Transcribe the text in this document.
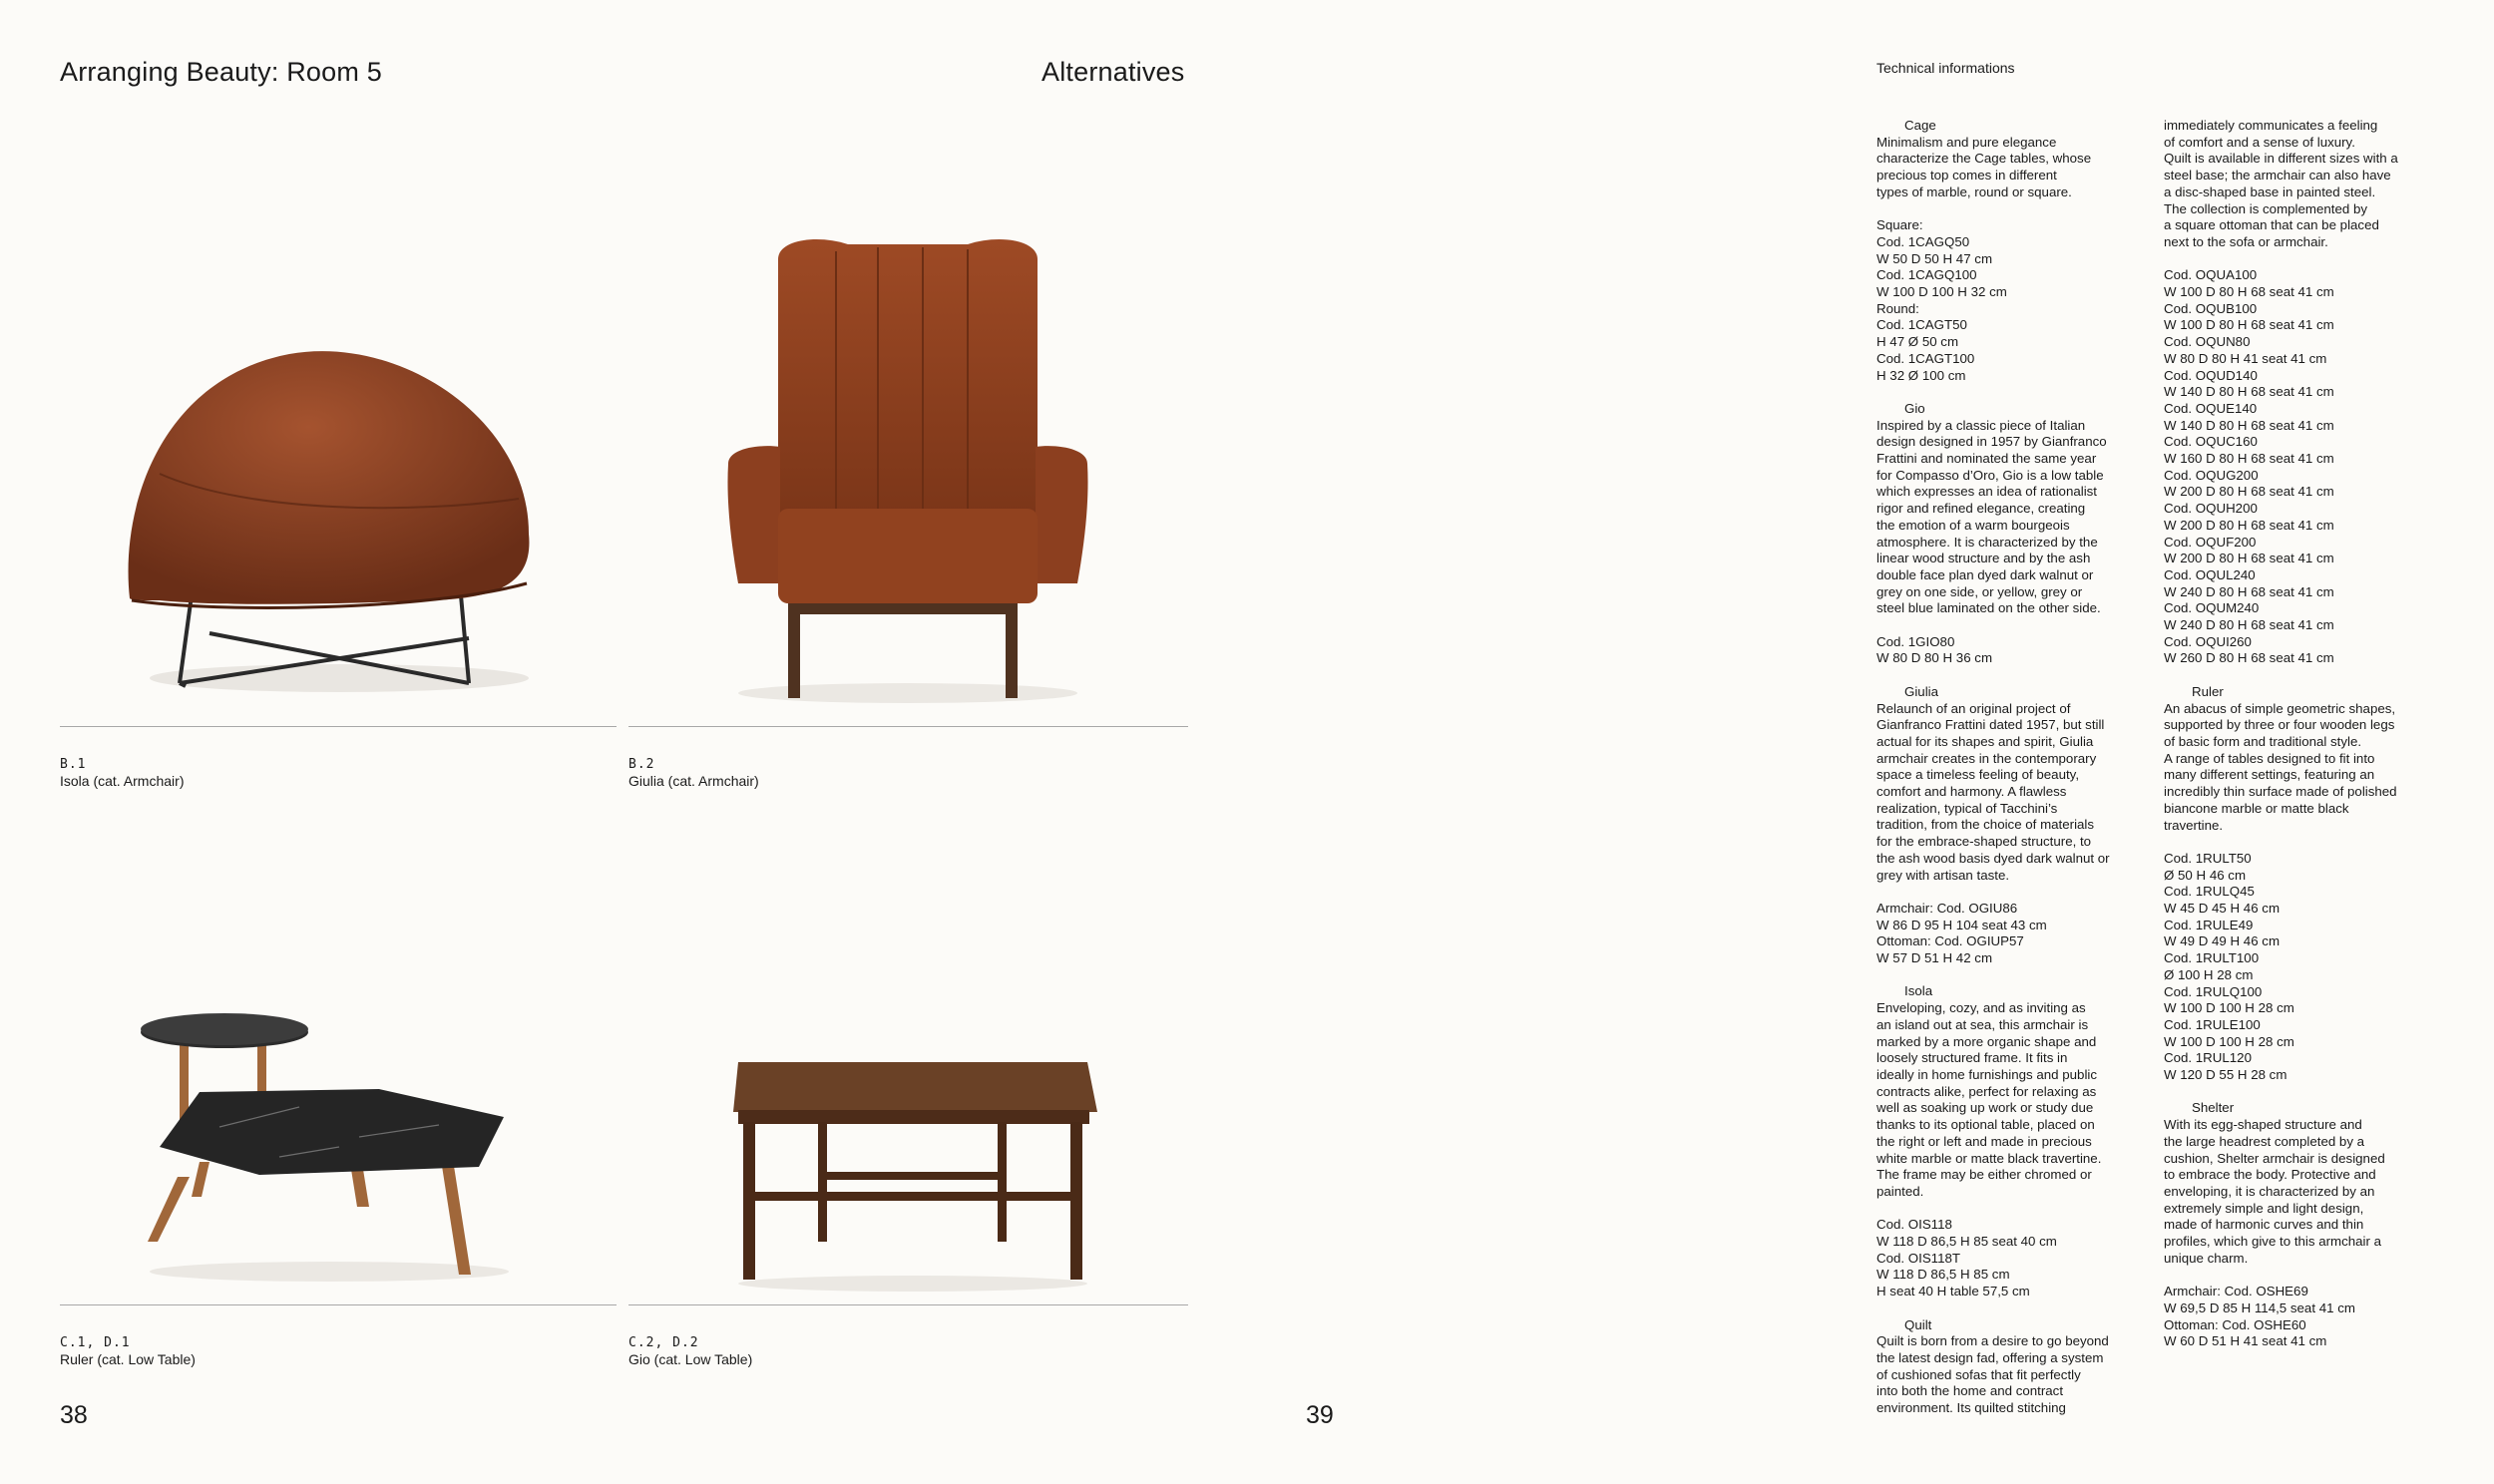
Arranging Beauty: Room 5	Alternatives	Technical informations
B.1
Isola (cat. Armchair)
B.2
Giulia (cat. Armchair)
C.1, D.1
Ruler (cat. Low Table)
C.2, D.2
Gio (cat. Low Table)
38	39
Cage

Minimalism and pure elegance
characterize the Cage tables, whose
precious top comes in different
types of marble, round or square.

Square:
Cod. 1CAGQ50
W 50 D 50 H 47 cm
Cod. 1CAGQ100
W 100 D 100 H 32 cm
Round:
Cod. 1CAGT50
H 47 Ø 50 cm
Cod. 1CAGT100
H 32 Ø 100 cm

Gio

Inspired by a classic piece of Italian
design designed in 1957 by Gianfranco
Frattini and nominated the same year
for Compasso d’Oro, Gio is a low table
which expresses an idea of rationalist
rigor and refined elegance, creating
the emotion of a warm bourgeois
atmosphere. It is characterized by the
linear wood structure and by the ash
double face plan dyed dark walnut or
grey on one side, or yellow, grey or
steel blue laminated on the other side.

Cod. 1GIO80
W 80 D 80 H 36 cm

Giulia

Relaunch of an original project of
Gianfranco Frattini dated 1957, but still
actual for its shapes and spirit, Giulia
armchair creates in the contemporary
space a timeless feeling of beauty,
comfort and harmony. A flawless
realization, typical of Tacchini’s
tradition, from the choice of materials
for the embrace-shaped structure, to
the ash wood basis dyed dark walnut or
grey with artisan taste.

Armchair: Cod. OGIU86
W 86 D 95 H 104 seat 43 cm
Ottoman: Cod. OGIUP57
W 57 D 51 H 42 cm

Isola

Enveloping, cozy, and as inviting as
an island out at sea, this armchair is
marked by a more organic shape and
loosely structured frame. It fits in
ideally in home furnishings and public
contracts alike, perfect for relaxing as
well as soaking up work or study due
thanks to its optional table, placed on
the right or left and made in precious
white marble or matte black travertine.
The frame may be either chromed or
painted.

Cod. OIS118
W 118 D 86,5 H 85 seat 40 cm
Cod. OIS118T
W 118 D 86,5 H 85 cm
H seat 40 H table 57,5 cm

Quilt

Quilt is born from a desire to go beyond
the latest design fad, offering a system
of cushioned sofas that fit perfectly
into both the home and contract
environment. Its quilted stitching

immediately communicates a feeling
of comfort and a sense of luxury.
Quilt is available in different sizes with a
steel base; the armchair can also have
a disc-shaped base in painted steel.
The collection is complemented by
a square ottoman that can be placed
next to the sofa or armchair.

Cod. OQUA100
W 100 D 80 H 68 seat 41 cm
Cod. OQUB100
W 100 D 80 H 68 seat 41 cm
Cod. OQUN80
W 80 D 80 H 41 seat 41 cm
Cod. OQUD140
W 140 D 80 H 68 seat 41 cm
Cod. OQUE140
W 140 D 80 H 68 seat 41 cm
Cod. OQUC160
W 160 D 80 H 68 seat 41 cm
Cod. OQUG200
W 200 D 80 H 68 seat 41 cm
Cod. OQUH200
W 200 D 80 H 68 seat 41 cm
Cod. OQUF200
W 200 D 80 H 68 seat 41 cm
Cod. OQUL240
W 240 D 80 H 68 seat 41 cm
Cod. OQUM240
W 240 D 80 H 68 seat 41 cm
Cod. OQUI260
W 260 D 80 H 68 seat 41 cm

Ruler

An abacus of simple geometric shapes,
supported by three or four wooden legs
of basic form and traditional style.
A range of tables designed to fit into
many different settings, featuring an
incredibly thin surface made of polished
biancone marble or matte black
travertine.

Cod. 1RULT50
Ø 50 H 46 cm
Cod. 1RULQ45
W 45 D 45 H 46 cm
Cod. 1RULE49
W 49 D 49 H 46 cm
Cod. 1RULT100
Ø 100 H 28 cm
Cod. 1RULQ100
W 100 D 100 H 28 cm
Cod. 1RULE100
W 100 D 100 H 28 cm
Cod. 1RUL120
W 120 D 55 H 28 cm

Shelter

With its egg-shaped structure and
the large headrest completed by a
cushion, Shelter armchair is designed
to embrace the body. Protective and
enveloping, it is characterized by an
extremely simple and light design,
made of harmonic curves and thin
profiles, which give to this armchair a
unique charm.

Armchair: Cod. OSHE69
W 69,5 D 85 H 114,5 seat 41 cm
Ottoman: Cod. OSHE60
W 60 D 51 H 41 seat 41 cm
